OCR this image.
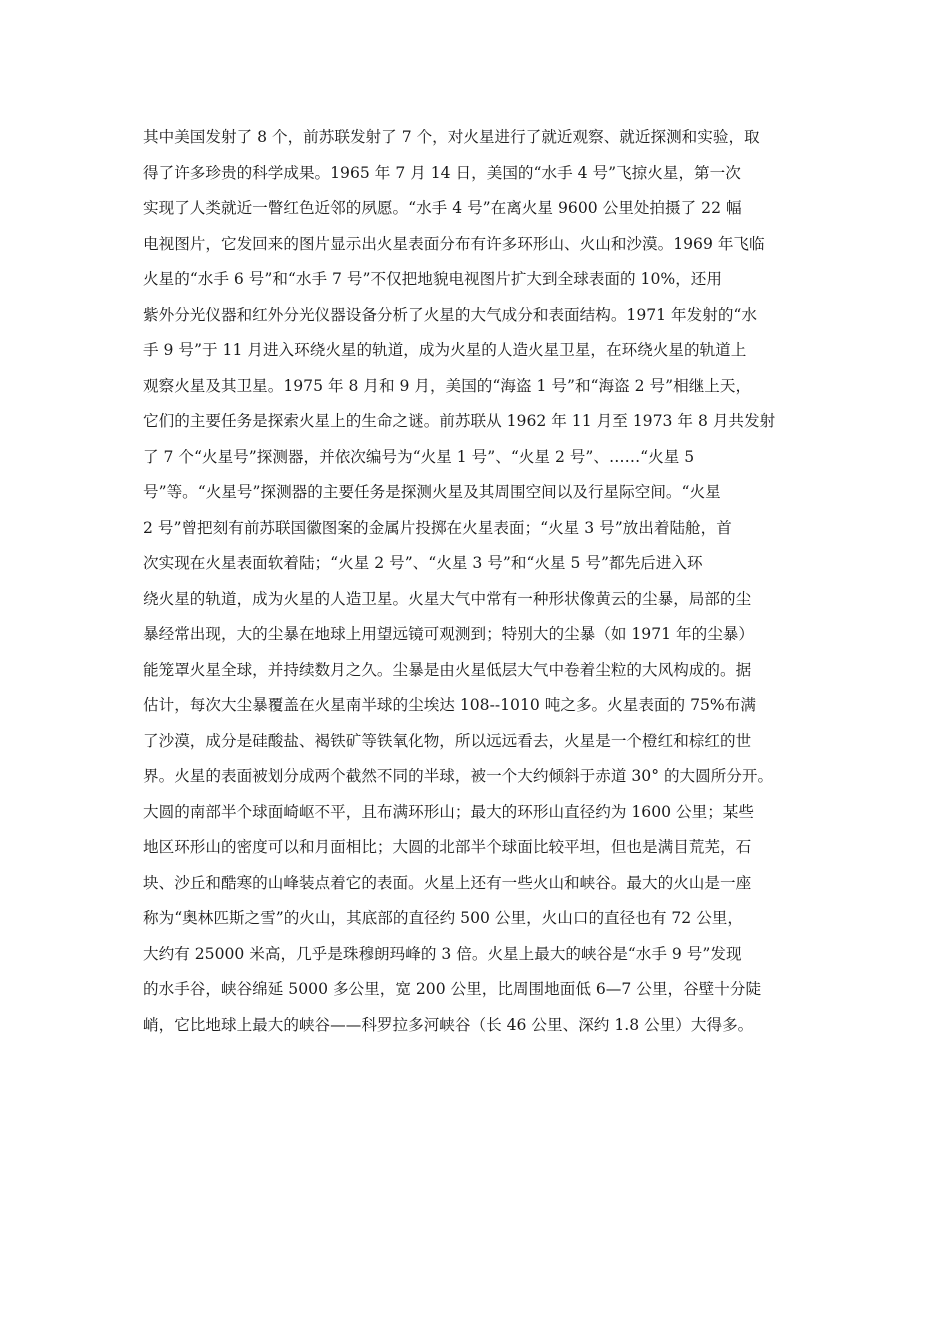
其中美国发射了 8 个，前苏联发射了 7 个，对火星进行了就近观察、就近探测和实验，取
得了许多珍贵的科学成果。1965 年 7 月 14 日，美国的“水手 4 号”飞掠火星，第一次
实现了人类就近一瞥红色近邻的夙愿。“水手 4 号”在离火星 9600 公里处拍摄了 22 幅
电视图片，它发回来的图片显示出火星表面分布有许多环形山、火山和沙漠。1969 年飞临
火星的“水手 6 号”和“水手 7 号”不仅把地貌电视图片扩大到全球表面的 10%，还用
紫外分光仪器和红外分光仪器设备分析了火星的大气成分和表面结构。1971 年发射的“水
手 9 号”于 11 月进入环绕火星的轨道，成为火星的人造火星卫星，在环绕火星的轨道上
观察火星及其卫星。1975 年 8 月和 9 月，美国的“海盗 1 号”和“海盗 2 号”相继上天，
它们的主要任务是探索火星上的生命之谜。前苏联从 1962 年 11 月至 1973 年 8 月共发射
了 7 个“火星号”探测器，并依次编号为“火星 1 号”、“火星 2 号”、……“火星 5
号”等。“火星号”探测器的主要任务是探测火星及其周围空间以及行星际空间。“火星
2 号”曾把刻有前苏联国徽图案的金属片投掷在火星表面；“火星 3 号”放出着陆舱，首
次实现在火星表面软着陆；“火星 2 号”、“火星 3 号”和“火星 5 号”都先后进入环
绕火星的轨道，成为火星的人造卫星。火星大气中常有一种形状像黄云的尘暴，局部的尘
暴经常出现，大的尘暴在地球上用望远镜可观测到；特别大的尘暴（如 1971 年的尘暴）
能笼罩火星全球，并持续数月之久。尘暴是由火星低层大气中卷着尘粒的大风构成的。据
估计，每次大尘暴覆盖在火星南半球的尘埃达 108--1010 吨之多。火星表面的 75%布满
了沙漠，成分是硅酸盐、褐铁矿等铁氧化物，所以远远看去，火星是一个橙红和棕红的世
界。火星的表面被划分成两个截然不同的半球，被一个大约倾斜于赤道 30° 的大圆所分开。
大圆的南部半个球面崎岖不平，且布满环形山；最大的环形山直径约为 1600 公里；某些
地区环形山的密度可以和月面相比；大圆的北部半个球面比较平坦，但也是满目荒芜，石
块、沙丘和酷寒的山峰装点着它的表面。火星上还有一些火山和峡谷。最大的火山是一座
称为“奥林匹斯之雪”的火山，其底部的直径约 500 公里，火山口的直径也有 72 公里，
大约有 25000 米高，几乎是珠穆朗玛峰的 3 倍。火星上最大的峡谷是“水手 9 号”发现
的水手谷，峡谷绵延 5000 多公里，宽 200 公里，比周围地面低 6—7 公里，谷壁十分陡
峭，它比地球上最大的峡谷——科罗拉多河峡谷（长 46 公里、深约 1.8 公里）大得多。
